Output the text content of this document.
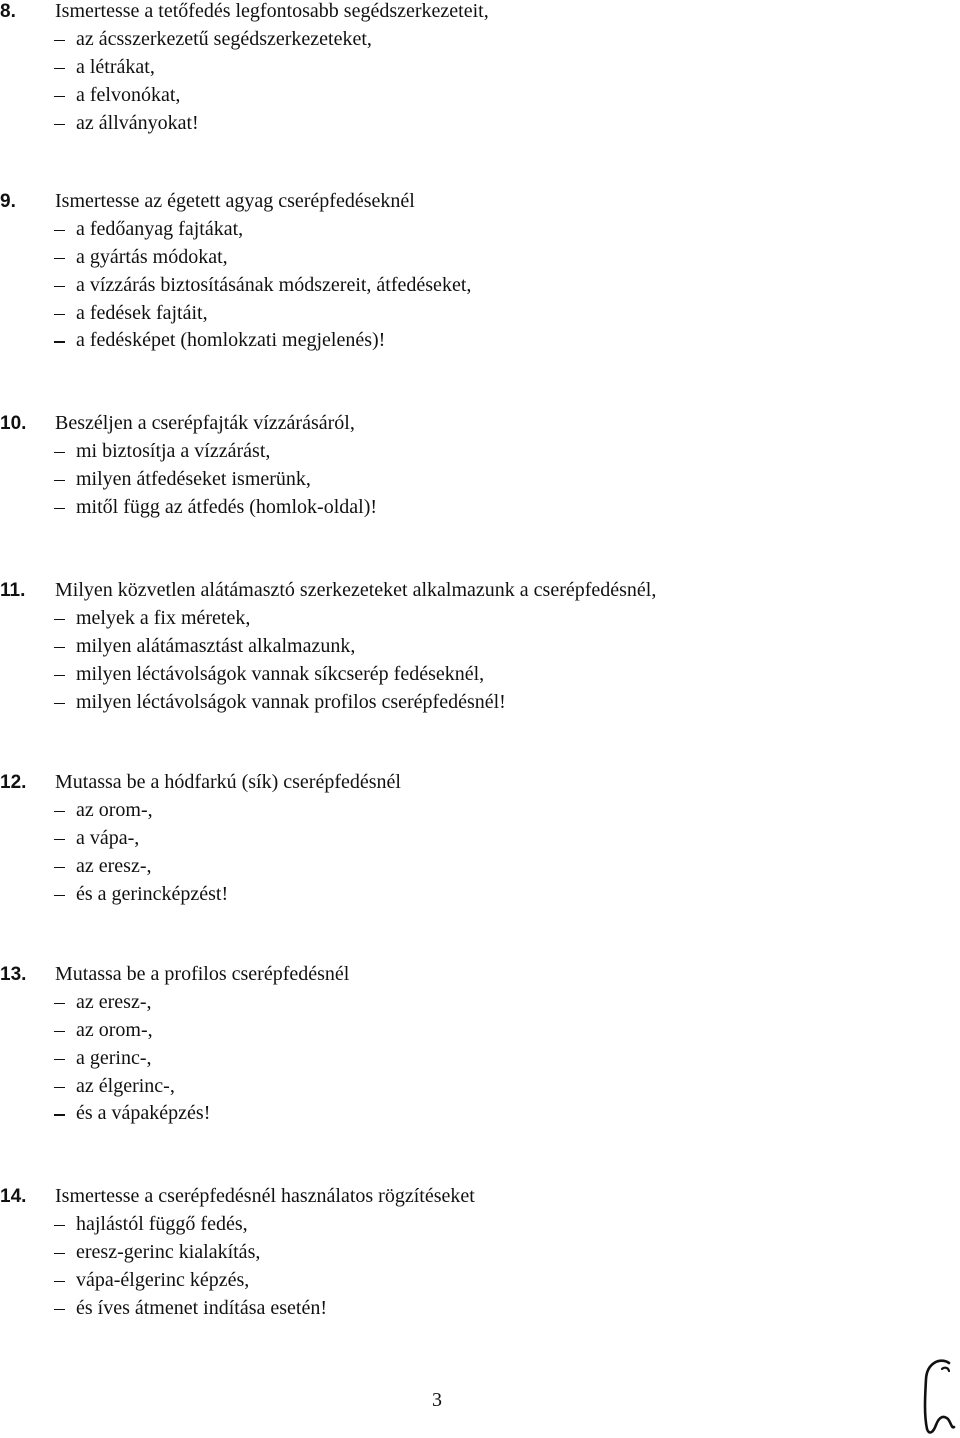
8. Ismertesse a tetőfedés legfontosabb segédszerkezeteit,
az ácsszerkezetű segédszerkezeteket,
a létrákat,
a felvonókat,
az állványokat!
9. Ismertesse az égetett agyag cserépfedéseknél
a fedőanyag fajtákat,
a gyártás módokat,
a vízzárás biztosításának módszereit, átfedéseket,
a fedések fajtáit,
a fedésképet (homlokzati megjelenés)!
10. Beszéljen a cserépfajták vízzárásáról,
mi biztosítja a vízzárást,
milyen átfedéseket ismerünk,
mitől függ az átfedés (homlok-oldal)!
11. Milyen közvetlen alátámasztó szerkezeteket alkalmazunk a cserépfedésnél,
melyek a fix méretek,
milyen alátámasztást alkalmazunk,
milyen léctávolságok vannak síkcserép fedéseknél,
milyen léctávolságok vannak profilos cserépfedésnél!
12. Mutassa be a hódfarkú (sík) cserépfedésnél
az orom-,
a vápa-,
az eresz-,
és a gerincképzést!
13. Mutassa be a profilos cserépfedésnél
az eresz-,
az orom-,
a gerinc-,
az élgerinc-,
és a vápaképzés!
14. Ismertesse a cserépfedésnél használatos rögzítéseket
hajlástól függő fedés,
eresz-gerinc kialakítás,
vápa-élgerinc képzés,
és íves átmenet indítása esetén!
3
